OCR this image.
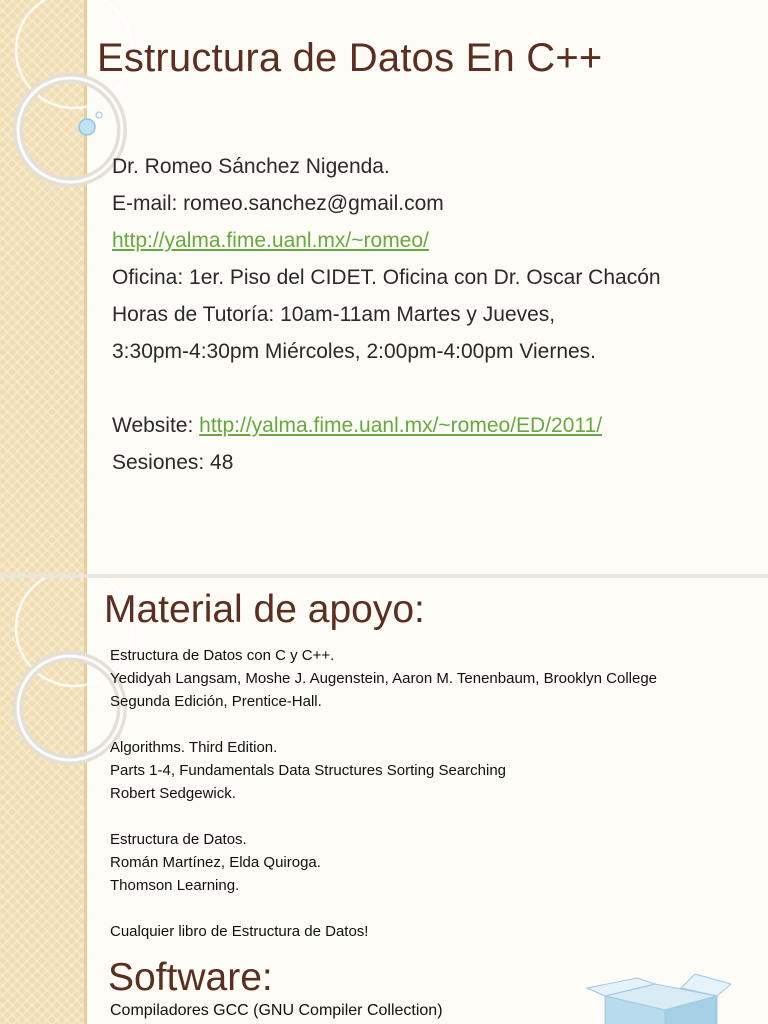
Estructura de Datos En C++
Dr. Romeo Sánchez Nigenda.
E-mail: romeo.sanchez@gmail.com
http://yalma.fime.uanl.mx/~romeo/
Oficina: 1er. Piso del CIDET. Oficina con Dr. Oscar Chacón
Horas de Tutoría: 10am-11am Martes y Jueves,
3:30pm-4:30pm Miércoles, 2:00pm-4:00pm Viernes.
Website: http://yalma.fime.uanl.mx/~romeo/ED/2011/
Sesiones: 48
Material de apoyo:
Estructura de Datos con C y C++.
Yedidyah Langsam, Moshe J. Augenstein, Aaron M. Tenenbaum, Brooklyn College
Segunda Edición, Prentice-Hall.
Algorithms. Third Edition.
Parts 1-4, Fundamentals Data Structures Sorting Searching
Robert Sedgewick.
Estructura de Datos.
Román Martínez, Elda Quiroga.
Thomson Learning.
Cualquier libro de Estructura de Datos!
Software:
Compiladores GCC (GNU Compiler Collection)
